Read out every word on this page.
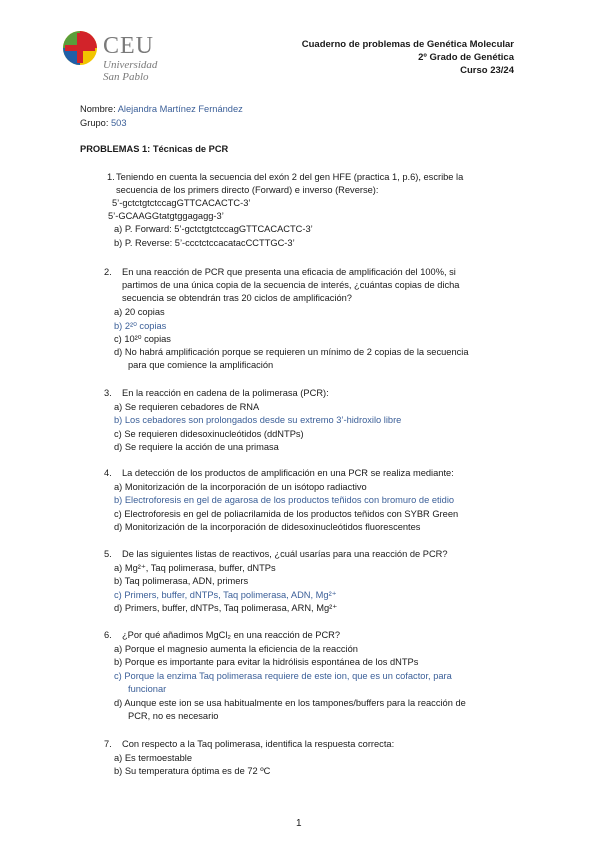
CEU
Universidad
San Pablo
Cuaderno de problemas de Genética Molecular
2º Grado de Genética
Curso 23/24
Nombre: Alejandra Martínez Fernández
Grupo: 503
PROBLEMAS 1: Técnicas de PCR
1. Teniendo en cuenta la secuencia del exón 2 del gen HFE (practica 1, p.6), escribe la
secuencia de los primers directo (Forward) e inverso (Reverse):
5’-gctctgtctccagGTTCACACTC-3’
5’-GCAAGGtatgtggagagg-3’
a) P. Forward: 5’-gctctgtctccagGTTCACACTC-3’
b) P. Reverse: 5’-ccctctccacatacCCTTGC-3’
2. En una reacción de PCR que presenta una eficacia de amplificación del 100%, si
partimos de una única copia de la secuencia de interés, ¿cuántas copias de dicha
secuencia se obtendrán tras 20 ciclos de amplificación?
a) 20 copias
b) 2²⁰ copias
c) 10²⁰ copias
d) No habrá amplificación porque se requieren un mínimo de 2 copias de la secuencia
para que comience la amplificación
3. En la reacción en cadena de la polimerasa (PCR):
a) Se requieren cebadores de RNA
b) Los cebadores son prolongados desde su extremo 3’-hidroxilo libre
c) Se requieren didesoxinucleótidos (ddNTPs)
d) Se requiere la acción de una primasa
4. La detección de los productos de amplificación en una PCR se realiza mediante:
a) Monitorización de la incorporación de un isótopo radiactivo
b) Electroforesis en gel de agarosa de los productos teñidos con bromuro de etidio
c) Electroforesis en gel de poliacrilamida de los productos teñidos con SYBR Green
d) Monitorización de la incorporación de didesoxinucleótidos fluorescentes
5. De las siguientes listas de reactivos, ¿cuál usarías para una reacción de PCR?
a) Mg²⁺, Taq polimerasa, buffer, dNTPs
b) Taq polimerasa, ADN, primers
c) Primers, buffer, dNTPs, Taq polimerasa, ADN, Mg²⁺
d) Primers, buffer, dNTPs, Taq polimerasa, ARN, Mg²⁺
6. ¿Por qué añadimos MgCl₂ en una reacción de PCR?
a) Porque el magnesio aumenta la eficiencia de la reacción
b) Porque es importante para evitar la hidrólisis espontánea de los dNTPs
c) Porque la enzima Taq polimerasa requiere de este ion, que es un cofactor, para
funcionar
d) Aunque este ion se usa habitualmente en los tampones/buffers para la reacción de
PCR, no es necesario
7. Con respecto a la Taq polimerasa, identifica la respuesta correcta:
a) Es termoestable
b) Su temperatura óptima es de 72 ºC
1
